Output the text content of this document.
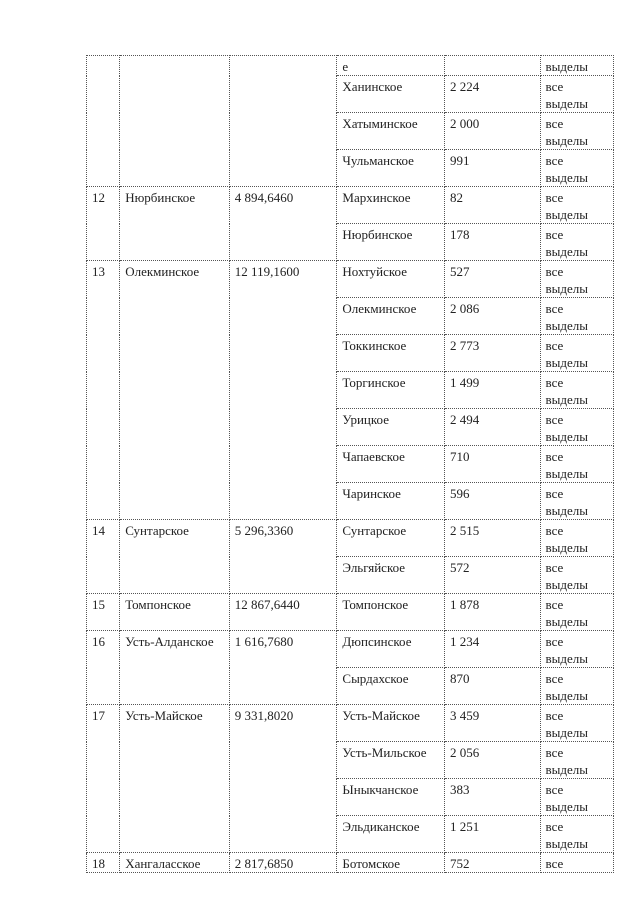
			е		выделы
			Ханинское	2 224	все выделы
			Хатыминское	2 000	все выделы
			Чульманское	991	все выделы
12	Нюрбинское	4 894,6460	Мархинское	82	все выделы
			Нюрбинское	178	все выделы
13	Олекминское	12 119,1600	Нохтуйское	527	все выделы
			Олекминское	2 086	все выделы
			Токкинское	2 773	все выделы
			Торгинское	1 499	все выделы
			Урицкое	2 494	все выделы
			Чапаевское	710	все выделы
			Чаринское	596	все выделы
14	Сунтарское	5 296,3360	Сунтарское	2 515	все выделы
			Эльгяйское	572	все выделы
15	Томпонское	12 867,6440	Томпонское	1 878	все выделы
16	Усть-Алданское	1 616,7680	Дюпсинское	1 234	все выделы
			Сырдахское	870	все выделы
17	Усть-Майское	9 331,8020	Усть-Майское	3 459	все выделы
			Усть-Мильское	2 056	все выделы
			Ыныкчанское	383	все выделы
			Эльдиканское	1 251	все выделы
18	Хангаласское	2 817,6850	Ботомское	752	все
